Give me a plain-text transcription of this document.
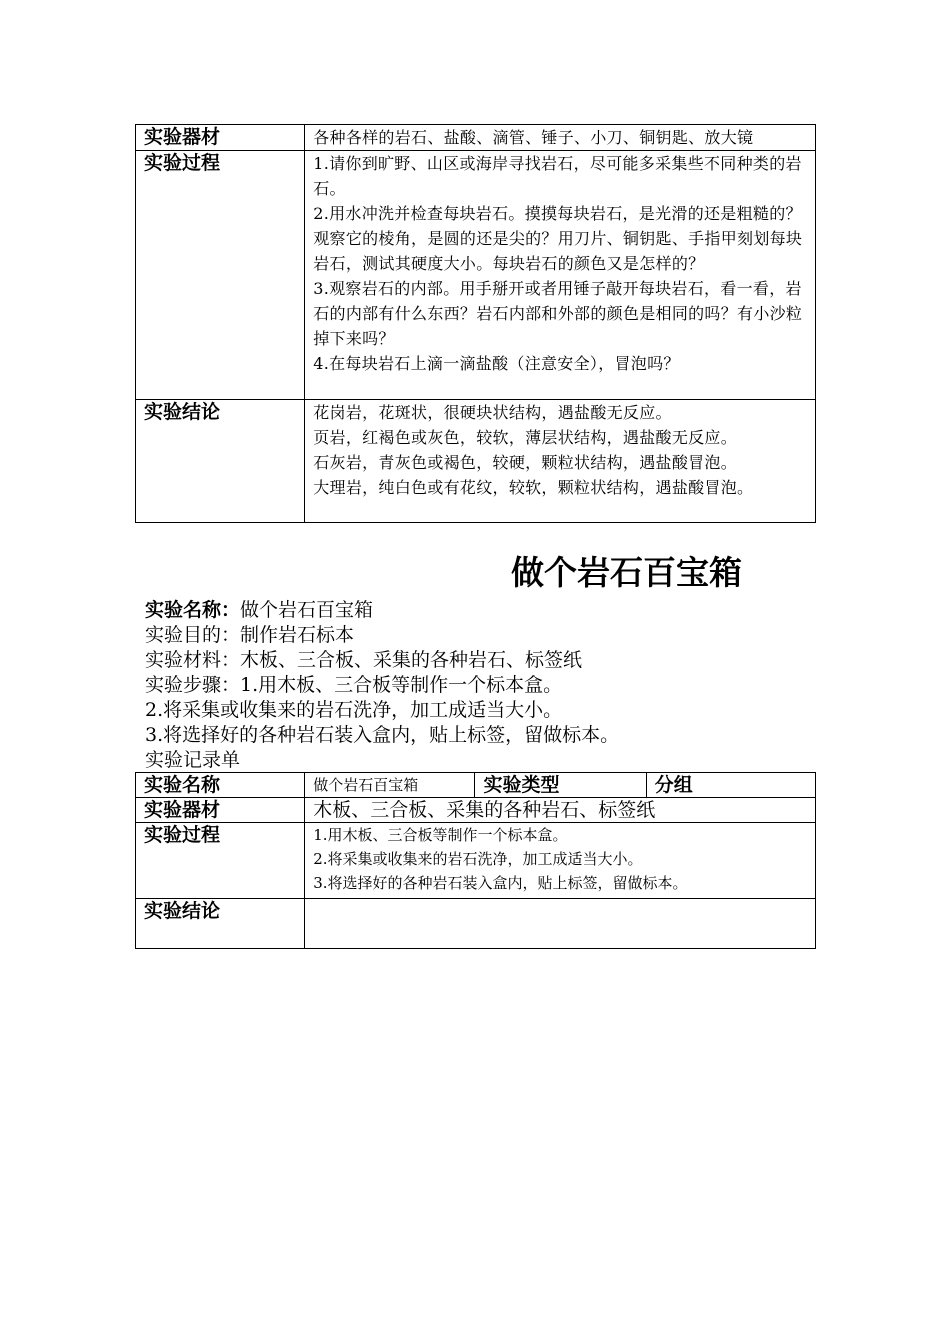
实验器材	各种各样的岩石、盐酸、滴管、锤子、小刀、铜钥匙、放大镜
实验过程	1.请你到旷野、山区或海岸寻找岩石，尽可能多采集些不同种类的岩石。
2.用水冲洗并检查每块岩石。摸摸每块岩石，是光滑的还是粗糙的？观察它的棱角，是圆的还是尖的？用刀片、铜钥匙、手指甲刻划每块岩石，测试其硬度大小。每块岩石的颜色又是怎样的？
3.观察岩石的内部。用手掰开或者用锤子敲开每块岩石，看一看，岩石的内部有什么东西？岩石内部和外部的颜色是相同的吗？有小沙粒掉下来吗？
4.在每块岩石上滴一滴盐酸（注意安全），冒泡吗？

实验结论	花岗岩，花斑状，很硬块状结构，遇盐酸无反应。
页岩，红褐色或灰色，较软，薄层状结构，遇盐酸无反应。
石灰岩，青灰色或褐色，较硬，颗粒状结构，遇盐酸冒泡。
大理岩，纯白色或有花纹，较软，颗粒状结构，遇盐酸冒泡。
做个岩石百宝箱
实验名称：做个岩石百宝箱
实验目的：制作岩石标本
实验材料：木板、三合板、采集的各种岩石、标签纸
实验步骤：1.用木板、三合板等制作一个标本盒。
2.将采集或收集来的岩石洗净，加工成适当大小。
3.将选择好的各种岩石装入盒内，贴上标签，留做标本。
实验记录单
实验名称	做个岩石百宝箱	实验类型	分组
实验器材	木板、三合板、采集的各种岩石、标签纸		
实验过程	1.用木板、三合板等制作一个标本盒。
2.将采集或收集来的岩石洗净，加工成适当大小。
3.将选择好的各种岩石装入盒内，贴上标签，留做标本。		

实验结论			
